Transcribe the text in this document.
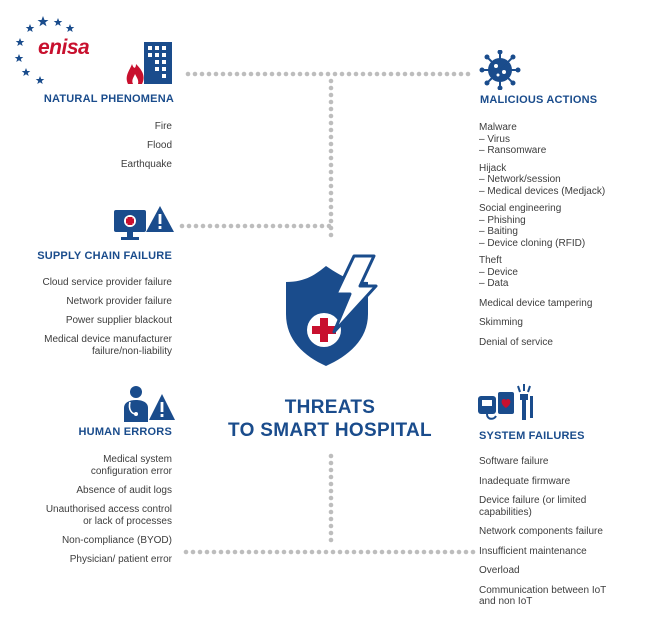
enisa
NATURAL PHENOMENA
Fire
Flood
Earthquake
SUPPLY CHAIN FAILURE
Cloud service provider failure
Network provider failure
Power supplier blackout
Medical device manufacturer
failure/non-liability
HUMAN ERRORS
Medical system
configuration error
Absence of audit logs
Unauthorised access control
or lack of processes
Non-compliance (BYOD)
Physician/ patient error
MALICIOUS ACTIONS
Malware
– Virus
– Ransomware
Hijack
– Network/session
– Medical devices (Medjack)
Social engineering
– Phishing
– Baiting
– Device cloning (RFID)
Theft
– Device
– Data
Medical device tampering
Skimming
Denial of service
SYSTEM FAILURES
Software failure
Inadequate firmware
Device failure (or limited
capabilities)
Network components failure
Insufficient maintenance
Overload
Communication between IoT
and non IoT
THREATS
TO SMART HOSPITAL
